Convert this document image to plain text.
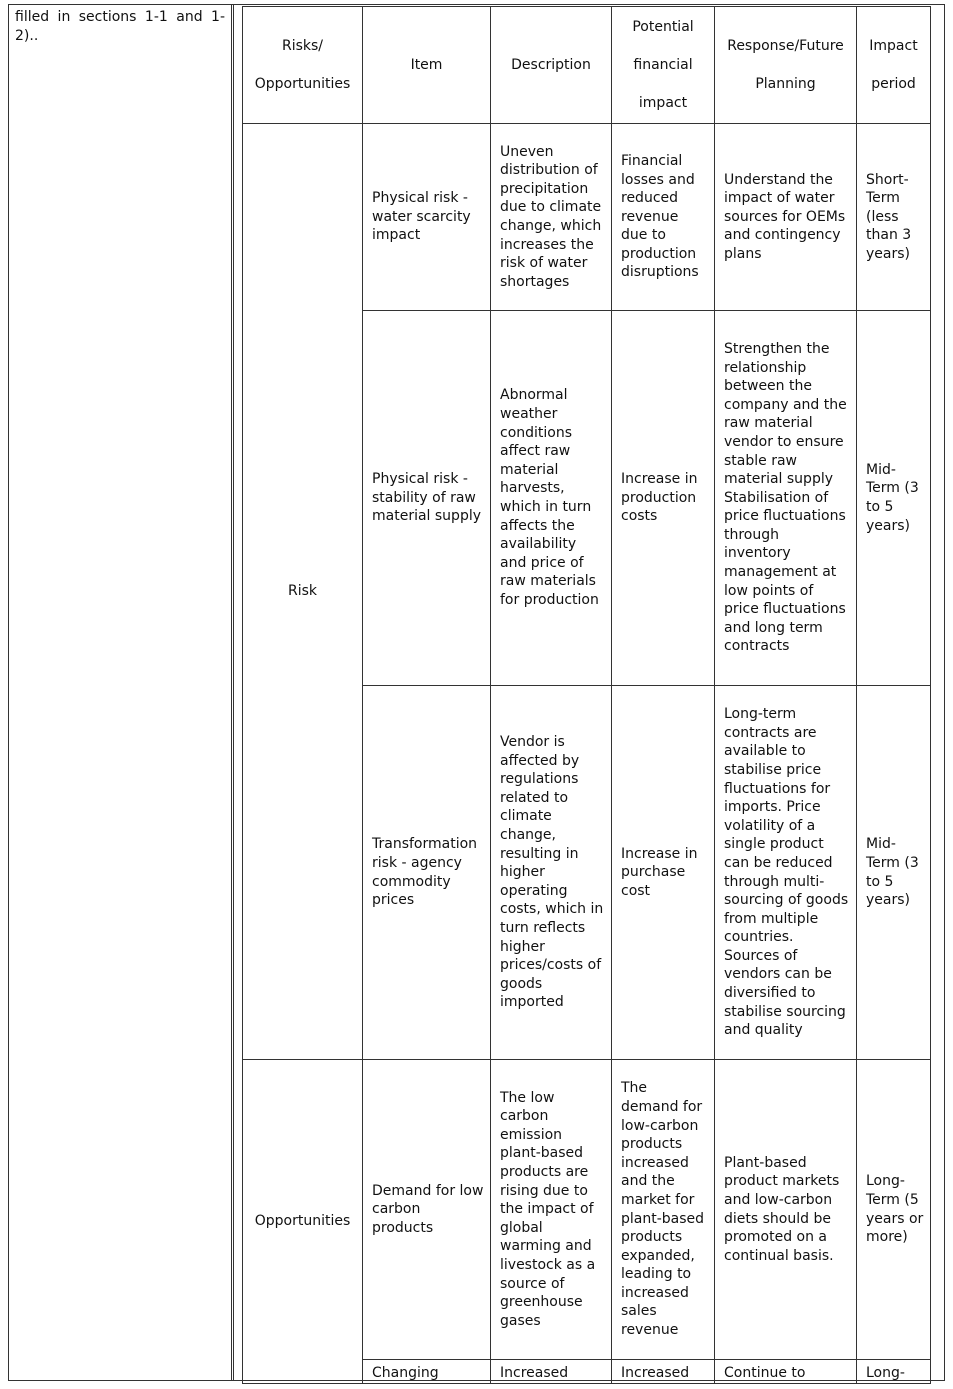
filled in sections 1-1 and 1-2)..
Risks/ Opportunities	Item	Description	Potential financial impact	Response/Future Planning	Impact period
Risk	Physical risk - water scarcity impact	Uneven distribution of precipitation due to climate change, which increases the risk of water shortages	Financial losses and reduced revenue due to production disruptions	Understand the impact of water sources for OEMs and contingency plans	Short-Term (less than 3 years)
	Physical risk - stability of raw material supply	Abnormal weather conditions affect raw material harvests, which in turn affects the availability and price of raw materials for production	Increase in production costs	Strengthen the relationship between the company and the raw material vendor to ensure stable raw material supply Stabilisation of price fluctuations through inventory management at low points of price fluctuations and long term contracts	Mid-Term (3 to 5 years)
	Transformation risk - agency commodity prices	Vendor is affected by regulations related to climate change, resulting in higher operating costs, which in turn reflects higher prices/costs of goods imported	Increase in purchase cost	Long-term contracts are available to stabilise price fluctuations for imports. Price volatility of a single product can be reduced through multi-sourcing of goods from multiple countries. Sources of vendors can be diversified to stabilise sourcing and quality	Mid-Term (3 to 5 years)
Opportunities	Demand for low carbon products	The low carbon emission plant-based products are rising due to the impact of global warming and livestock as a source of greenhouse gases	The demand for low-carbon products increased and the market for plant-based products expanded, leading to increased sales revenue	Plant-based product markets and low-carbon diets should be promoted on a continual basis.	Long-Term (5 years or more)
	Changing	Increased	Increased	Continue to	Long-
